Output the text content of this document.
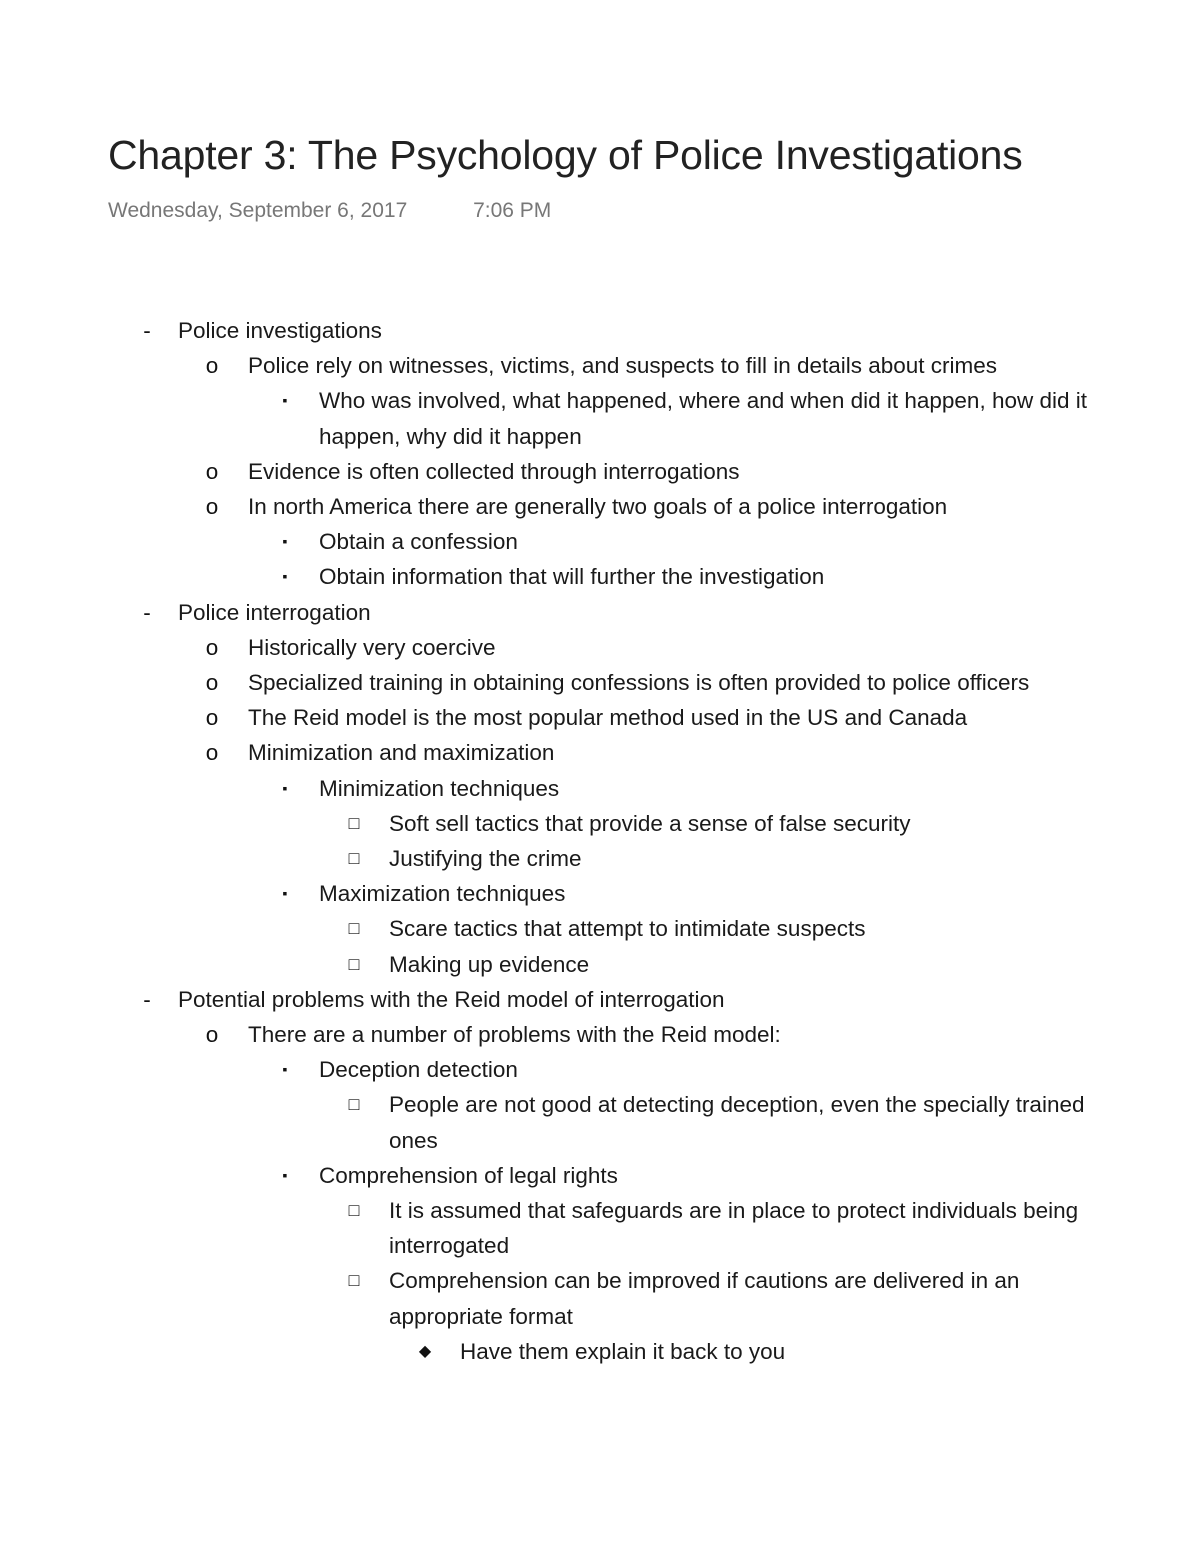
Chapter 3: The Psychology of Police Investigations
Wednesday, September 6, 2017	7:06 PM
-	Police investigations
o	Police rely on witnesses, victims, and suspects to fill in details about crimes
▪	Who was involved, what happened, where and when did it happen, how did it happen, why did it happen
o	Evidence is often collected through interrogations
o	In north America there are generally two goals of a police interrogation
▪	Obtain a confession
▪	Obtain information that will further the investigation
-	Police interrogation
o	Historically very coercive
o	Specialized training in obtaining confessions is often provided to police officers
o	The Reid model is the most popular method used in the US and Canada
o	Minimization and maximization
▪	Minimization techniques
□	Soft sell tactics that provide a sense of false security
□	Justifying the crime
▪	Maximization techniques
□	Scare tactics that attempt to intimidate suspects
□	Making up evidence
-	Potential problems with the Reid model of interrogation
o	There are a number of problems with the Reid model:
▪	Deception detection
□	People are not good at detecting deception, even the specially trained ones
▪	Comprehension of legal rights
□	It is assumed that safeguards are in place to protect individuals being interrogated
□	Comprehension can be improved if cautions are delivered in an appropriate format
◆	Have them explain it back to you
